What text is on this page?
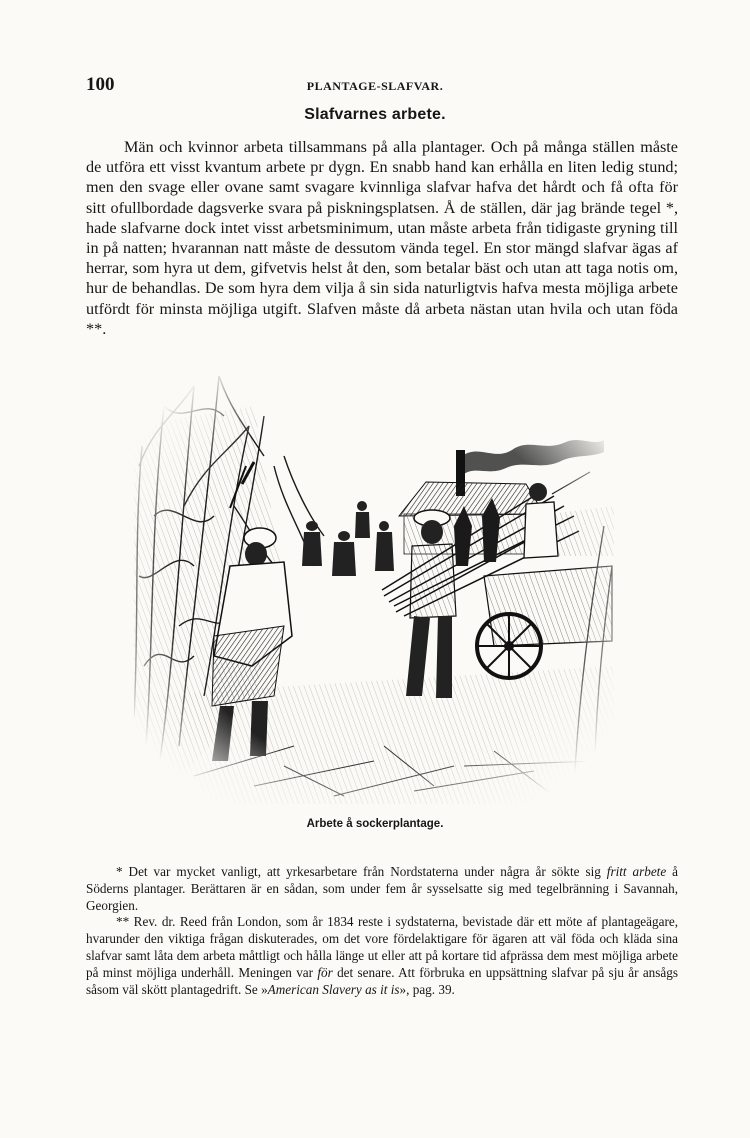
100	PLANTAGE-SLAFVAR.
Slafvarnes arbete.

Män och kvinnor arbeta tillsammans på alla plantager. Och på många ställen måste de utföra ett visst kvantum arbete pr dygn. En snabb hand kan erhålla en liten ledig stund; men den svage eller ovane samt svagare kvinnliga slafvar hafva det hårdt och få ofta för sitt ofullbordade dagsverke svara på piskningsplatsen. Å de ställen, där jag brände tegel *, hade slafvarne dock intet visst arbetsminimum, utan måste arbeta från tidigaste gryning till in på natten; hvarannan natt måste de dessutom vända tegel. En stor mängd slafvar ägas af herrar, som hyra ut dem, gifvetvis helst åt den, som betalar bäst och utan att taga notis om, hur de behandlas. De som hyra dem vilja å sin sida naturligtvis hafva mesta möjliga arbete utfördt för minsta möjliga utgift. Slafven måste då arbeta nästan utan hvila och utan föda **.

Arbete å sockerplantage.

* Det var mycket vanligt, att yrkesarbetare från Nordstaterna under några år sökte sig fritt arbete å Söderns plantager. Berättaren är en sådan, som under fem år sysselsatte sig med tegelbränning i Savannah, Georgien.

** Rev. dr. Reed från London, som år 1834 reste i sydstaterna, bevistade där ett möte af plantageägare, hvarunder den viktiga frågan diskuterades, om det vore fördelaktigare för ägaren att väl föda och kläda sina slafvar samt låta dem arbeta måttligt och hålla länge ut eller att på kortare tid afprässa dem mest möjliga arbete på minst möjliga underhåll. Meningen var för det senare. Att förbruka en uppsättning slafvar på sju år ansågs såsom väl skött plantagedrift. Se »American Slavery as it is», pag. 39.
